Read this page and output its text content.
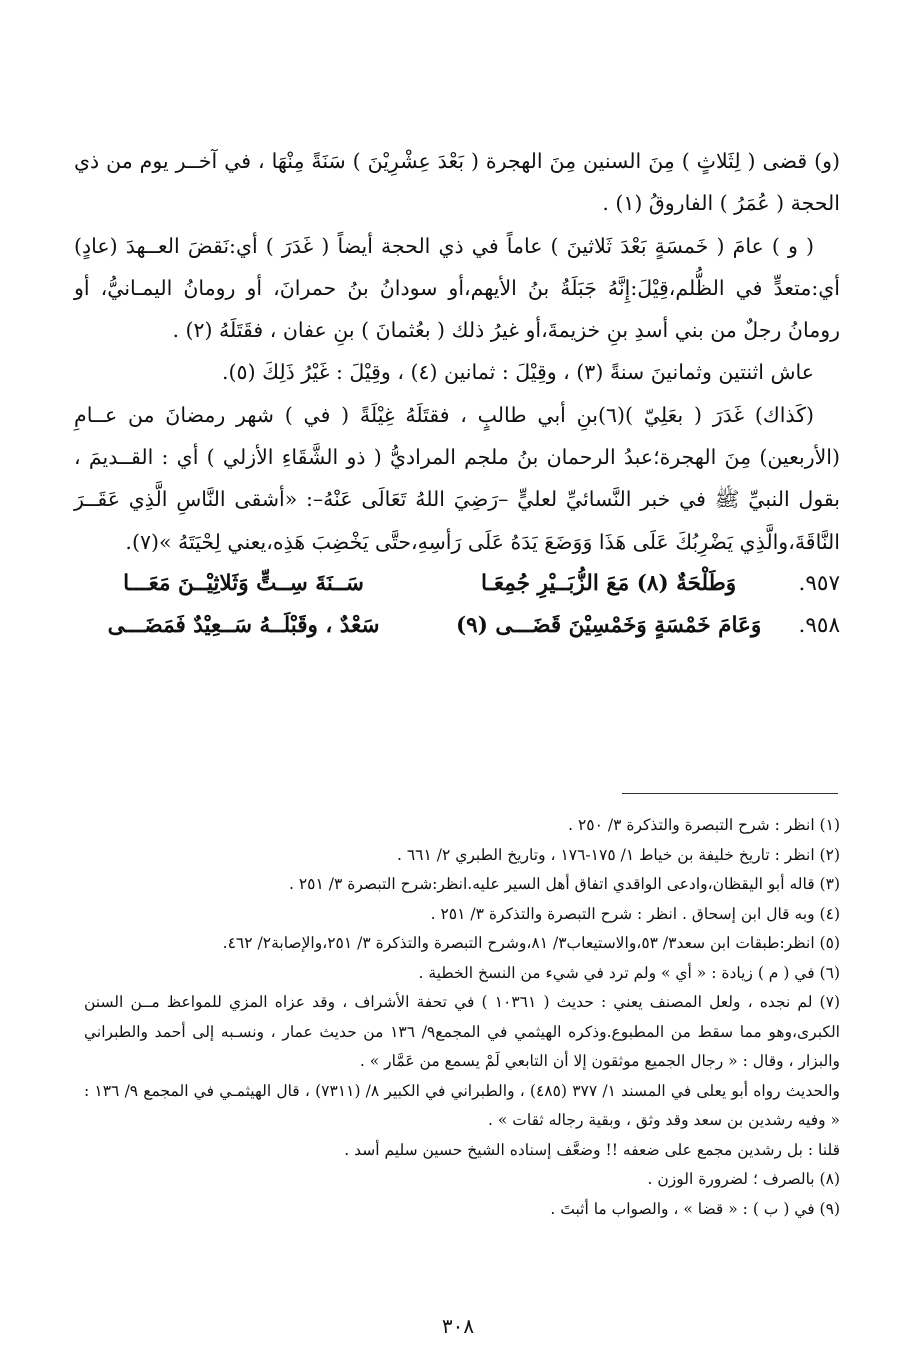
(و) قضى ( لِثَلاثٍ ) مِنَ السنين مِنَ الهجرة ( بَعْدَ عِشْرِيْنَ ) سَنَةً مِنْهَا ، في آخــر يوم من ذي الحجة ( عُمَرُ ) الفاروقُ (١) .

( و ) عامَ ( خَمسَةٍ بَعْدَ ثَلاثينَ ) عاماً في ذي الحجة أيضاً ( غَدَرَ ) أي:نَقضَ العــهدَ (عادٍ) أي:متعدٍّ في الظُّلم،قِيْلَ:إِنَّهُ جَبَلَةُ بنُ الأيهم،أو سودانُ بنُ حمرانَ، أو رومانُ اليمـانيُّ، أو رومانُ رجلٌ من بني أسدِ بنِ خزيمةَ،أو غيرُ ذلك ( بعُثمانَ ) بنِ عفان ، فقَتَلَهُ (٢) .

عاش اثنتين وثمانينَ سنةً (٣) ، وقِيْلَ : ثمانين (٤) ، وقِيْلَ : غَيْرُ ذَلِكَ (٥).

(كَذاك) غَدَرَ ( بعَلِيّ )(٦)بنِ أبي طالبٍ ، فقتَلَهُ غِيْلَةً ( في ) شهر رمضانَ من عــامِ (الأربعين) مِنَ الهجرة؛عبدُ الرحمان بنُ ملجم المراديُّ ( ذو الشَّقَاءِ الأزلي ) أي : القــديمَ ، بقول النبيِّ ﷺ في خبر النَّسائيِّ لعليٍّ –رَضِيَ اللهُ تَعَالَى عَنْهُ–: «أشقى النَّاسِ الَّذِي عَقَــرَ النَّاقَةَ،والَّذِي يَضْرِبُكَ عَلَى هَذَا وَوَضَعَ يَدَهُ عَلَى رَأسِهِ،حتَّى يَخْضِبَ هَذِه،يعني لِحْيَتَهُ »(٧).

٩٥٧.
وَطَلْحَةٌ (٨) مَعَ الزُّبَــيْرِ جُمِعَـا
سَــنَةَ سِــتٍّ وَثَلاثِيْــنَ مَعَـــا
٩٥٨.
وَعَامَ خَمْسَةٍ وَخَمْسِيْنَ قَضَـــى (٩)
سَعْدٌ ، وقَبْلَــهُ سَــعِيْدٌ فَمَضَـــى

(١) انظر : شرح التبصرة والتذكرة ٣/ ٢٥٠ .

(٢) انظر : تاريخ خليفة بن خياط ١/ ١٧٥-١٧٦ ، وتاريخ الطبري ٢/ ٦٦١ .

(٣) قاله أبو اليقظان،وادعى الواقدي اتفاق أهل السير عليه.انظر:شرح التبصرة ٣/ ٢٥١ .

(٤) وبه قال ابن إسحاق . انظر : شرح التبصرة والتذكرة ٣/ ٢٥١ .

(٥) انظر:طبقات ابن سعد٣/ ٥٣،والاستيعاب٣/ ٨١،وشرح التبصرة والتذكرة ٣/ ٢٥١،والإصابة٢/ ٤٦٢.

(٦) في ( م ) زيادة : « أي » ولم ترد في شيء من النسخ الخطية .

(٧) لم نجده ، ولعل المصنف يعني : حديث ( ١٠٣٦١ ) في تحفة الأشراف ، وقد عزاه المزي للمواعظ مــن السنن الكبرى،وهو مما سقط من المطبوع.وذكره الهيثمي في المجمع٩/ ١٣٦ من حديث عمار ، ونسـبه إلى أحمد والطبراني والبزار ، وقال : « رجال الجميع موثقون إلا أن التابعي لَمْ يسمع من عَمَّار » .

والحديث رواه أبو يعلى في المسند ١/ ٣٧٧ (٤٨٥) ، والطبراني في الكبير ٨/ (٧٣١١) ، قال الهيثمـي في المجمع ٩/ ١٣٦ : « وفيه رشدين بن سعد وقد وثق ، وبقية رجاله ثقات » .

قلنا : بل رشدين مجمع على ضعفه !! وضعَّف إسناده الشيخ حسين سليم أسد .

(٨) بالصرف ؛ لضرورة الوزن .

(٩) في ( ب ) : « قضا » ، والصواب ما أثبتَ .

٣٠٨
